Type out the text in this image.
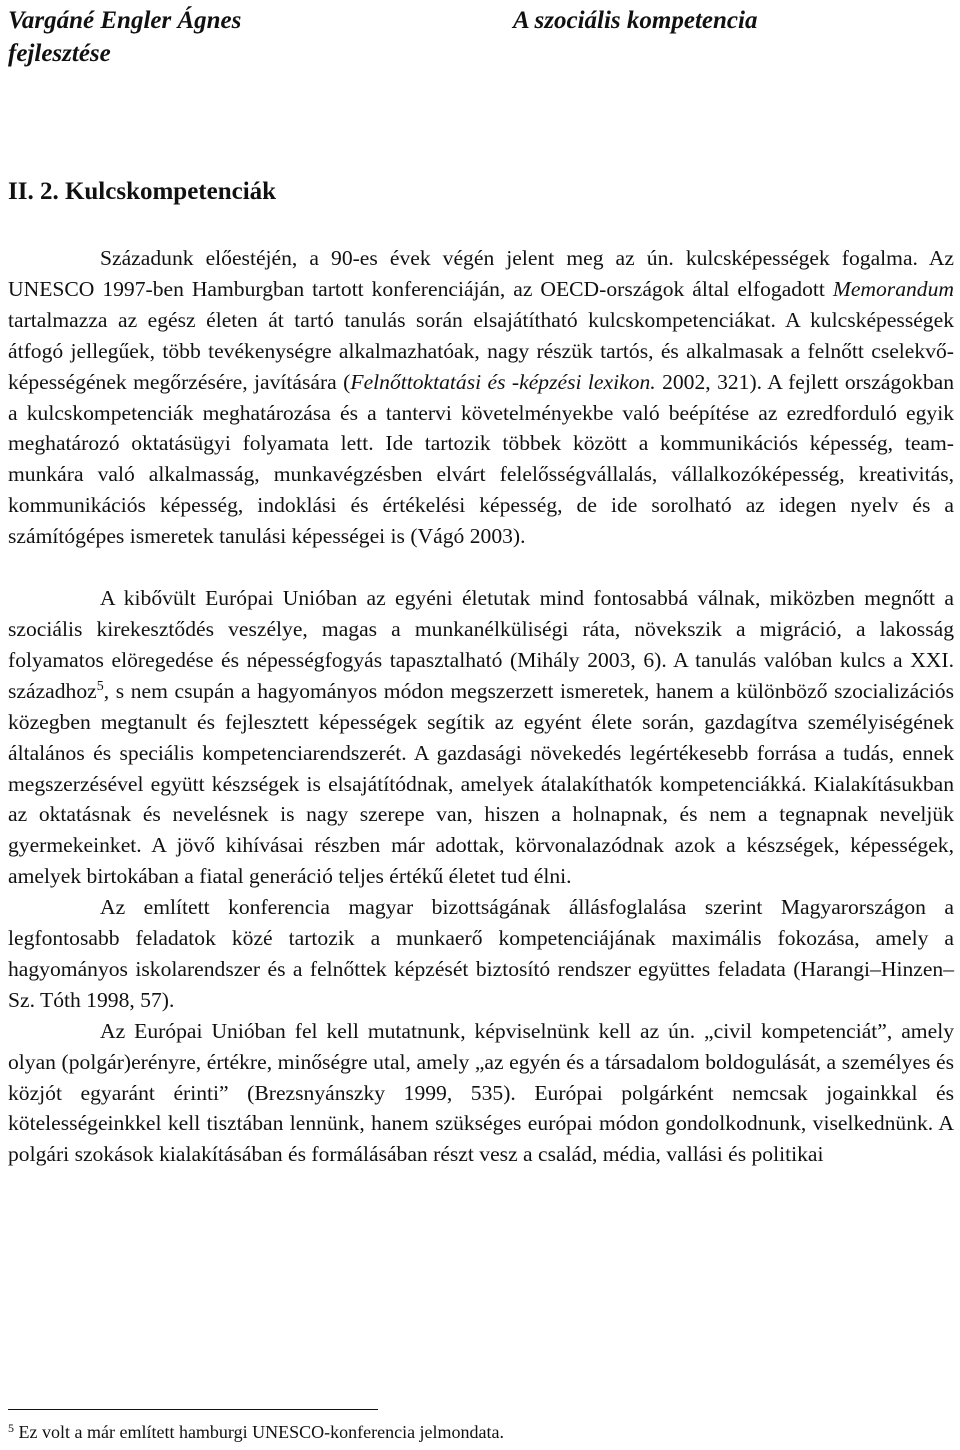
Vargáné Engler Ágnes
fejlesztése
A szociális kompetencia
II. 2. Kulcskompetenciák

Századunk előestéjén, a 90-es évek végén jelent meg az ún. kulcsképességek fogalma. Az UNESCO 1997-ben Hamburgban tartott konferenciáján, az OECD-országok által elfogadott Memorandum tartalmazza az egész életen át tartó tanulás során elsajátítható kulcskompetenciákat. A kulcsképességek átfogó jellegűek, több tevékenységre alkalmazhatóak, nagy részük tartós, és alkalmasak a felnőtt cselekvőképességének megőrzésére, javítására (Felnőttoktatási és -képzési lexikon. 2002, 321). A fejlett országokban a kulcskompetenciák meghatározása és a tantervi követelményekbe való beépítése az ezredforduló egyik meghatározó oktatásügyi folyamata lett. Ide tartozik többek között a kommunikációs képesség, team-munkára való alkalmasság, munkavégzésben elvárt felelősségvállalás, vállalkozóképesség, kreativitás, kommunikációs képesség, indoklási és értékelési képesség, de ide sorolható az idegen nyelv és a számítógépes ismeretek tanulási képességei is (Vágó 2003).

A kibővült Európai Unióban az egyéni életutak mind fontosabbá válnak, miközben megnőtt a szociális kirekesztődés veszélye, magas a munkanélküliségi ráta, növekszik a migráció, a lakosság folyamatos elöregedése és népességfogyás tapasztalható (Mihály 2003, 6). A tanulás valóban kulcs a XXI. századhoz$^5$, s nem csupán a hagyományos módon megszerzett ismeretek, hanem a különböző szocializációs közegben megtanult és fejlesztett képességek segítik az egyént élete során, gazdagítva személyiségének általános és speciális kompetenciarendszerét. A gazdasági növekedés legértékesebb forrása a tudás, ennek megszerzésével együtt készségek is elsajátítódnak, amelyek átalakíthatók kompetenciákká. Kialakításukban az oktatásnak és nevelésnek is nagy szerepe van, hiszen a holnapnak, és nem a tegnapnak neveljük gyermekeinket. A jövő kihívásai részben már adottak, körvonalazódnak azok a készségek, képességek, amelyek birtokában a fiatal generáció teljes értékű életet tud élni.

Az említett konferencia magyar bizottságának állásfoglalása szerint Magyarországon a legfontosabb feladatok közé tartozik a munkaerő kompetenciájának maximális fokozása, amely a hagyományos iskolarendszer és a felnőttek képzését biztosító rendszer együttes feladata (Harangi–Hinzen–Sz. Tóth 1998, 57).

Az Európai Unióban fel kell mutatnunk, képviselnünk kell az ún. „civil kompetenciát”, amely olyan (polgár)erényre, értékre, minőségre utal, amely „az egyén és a társadalom boldogulását, a személyes és közjót egyaránt érinti” (Brezsnyánszky 1999, 535). Európai polgárként nemcsak jogainkkal és kötelességeinkkel kell tisztában lennünk, hanem szükséges európai módon gondolkodnunk, viselkednünk. A polgári szokások kialakításában és formálásában részt vesz a család, média, vallási és politikai

$^5$ Ez volt a már említett hamburgi UNESCO-konferencia jelmondata.
